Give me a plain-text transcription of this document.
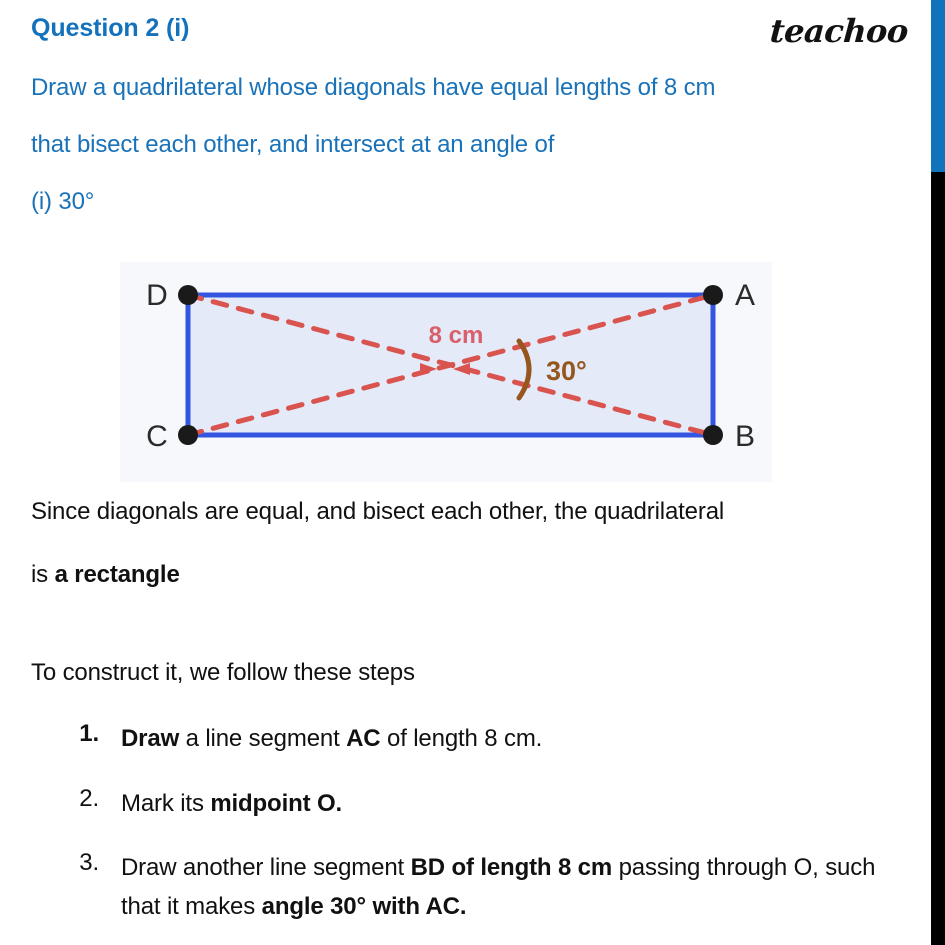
Question 2 (i)	teachoo
Draw a quadrilateral whose diagonals have equal lengths of 8 cm
that bisect each other, and intersect at an angle of
(i) 30°
D	A
C	B
8 cm
30°
Since diagonals are equal, and bisect each other, the quadrilateral
is a rectangle
To construct it, we follow these steps
1. Draw a line segment AC of length 8 cm.
2. Mark its midpoint O.
3. Draw another line segment BD of length 8 cm passing through O, such that it makes angle 30° with AC.
